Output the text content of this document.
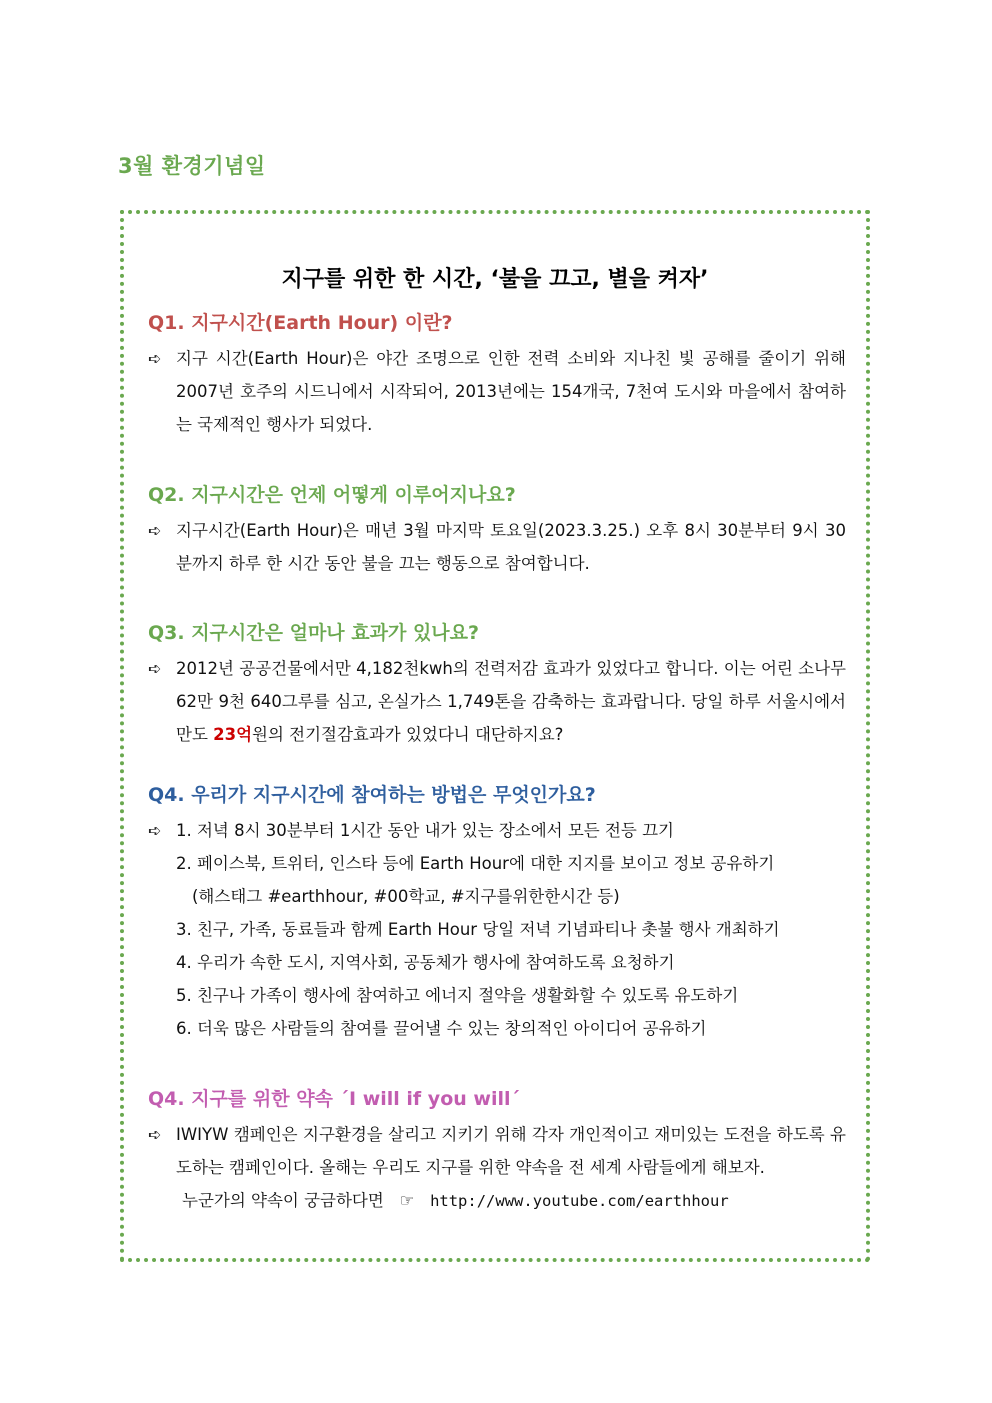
3월 환경기념일
지구를 위한 한 시간, ‘불을 끄고, 별을 켜자’
Q1. 지구시간(Earth Hour) 이란?
➪ 지구 시간(Earth Hour)은 야간 조명으로 인한 전력 소비와 지나친 빛 공해를 줄이기 위해 2007년 호주의 시드니에서 시작되어, 2013년에는 154개국, 7천여 도시와 마을에서 참여하는 국제적인 행사가 되었다.
Q2. 지구시간은 언제 어떻게 이루어지나요?
➪ 지구시간(Earth Hour)은 매년 3월 마지막 토요일(2023.3.25.) 오후 8시 30분부터 9시 30분까지 하루 한 시간 동안 불을 끄는 행동으로 참여합니다.
Q3. 지구시간은 얼마나 효과가 있나요?
➪ 2012년 공공건물에서만 4,182천kwh의 전력저감 효과가 있었다고 합니다. 이는 어린 소나무 62만 9천 640그루를 심고, 온실가스 1,749톤을 감축하는 효과랍니다. 당일 하루 서울시에서만도 23억원의 전기절감효과가 있었다니 대단하지요?
Q4. 우리가 지구시간에 참여하는 방법은 무엇인가요?
➪ 1. 저녁 8시 30분부터 1시간 동안 내가 있는 장소에서 모든 전등 끄기
2. 페이스북, 트위터, 인스타 등에 Earth Hour에 대한 지지를 보이고 정보 공유하기
(해스태그 #earthhour, #00학교, #지구를위한한시간 등)
3. 친구, 가족, 동료들과 함께 Earth Hour 당일 저녁 기념파티나 촛불 행사 개최하기
4. 우리가 속한 도시, 지역사회, 공동체가 행사에 참여하도록 요청하기
5. 친구나 가족이 행사에 참여하고 에너지 절약을 생활화할 수 있도록 유도하기
6. 더욱 많은 사람들의 참여를 끌어낼 수 있는 창의적인 아이디어 공유하기
Q4. 지구를 위한 약속 ˊI will if you willˊ
➪ IWIYW 캠페인은 지구환경을 살리고 지키기 위해 각자 개인적이고 재미있는 도전을 하도록 유도하는 캠페인이다. 올해는 우리도 지구를 위한 약속을 전 세계 사람들에게 해보자.
누군가의 약속이 궁금하다면 ☞ http://www.youtube.com/earthhour
